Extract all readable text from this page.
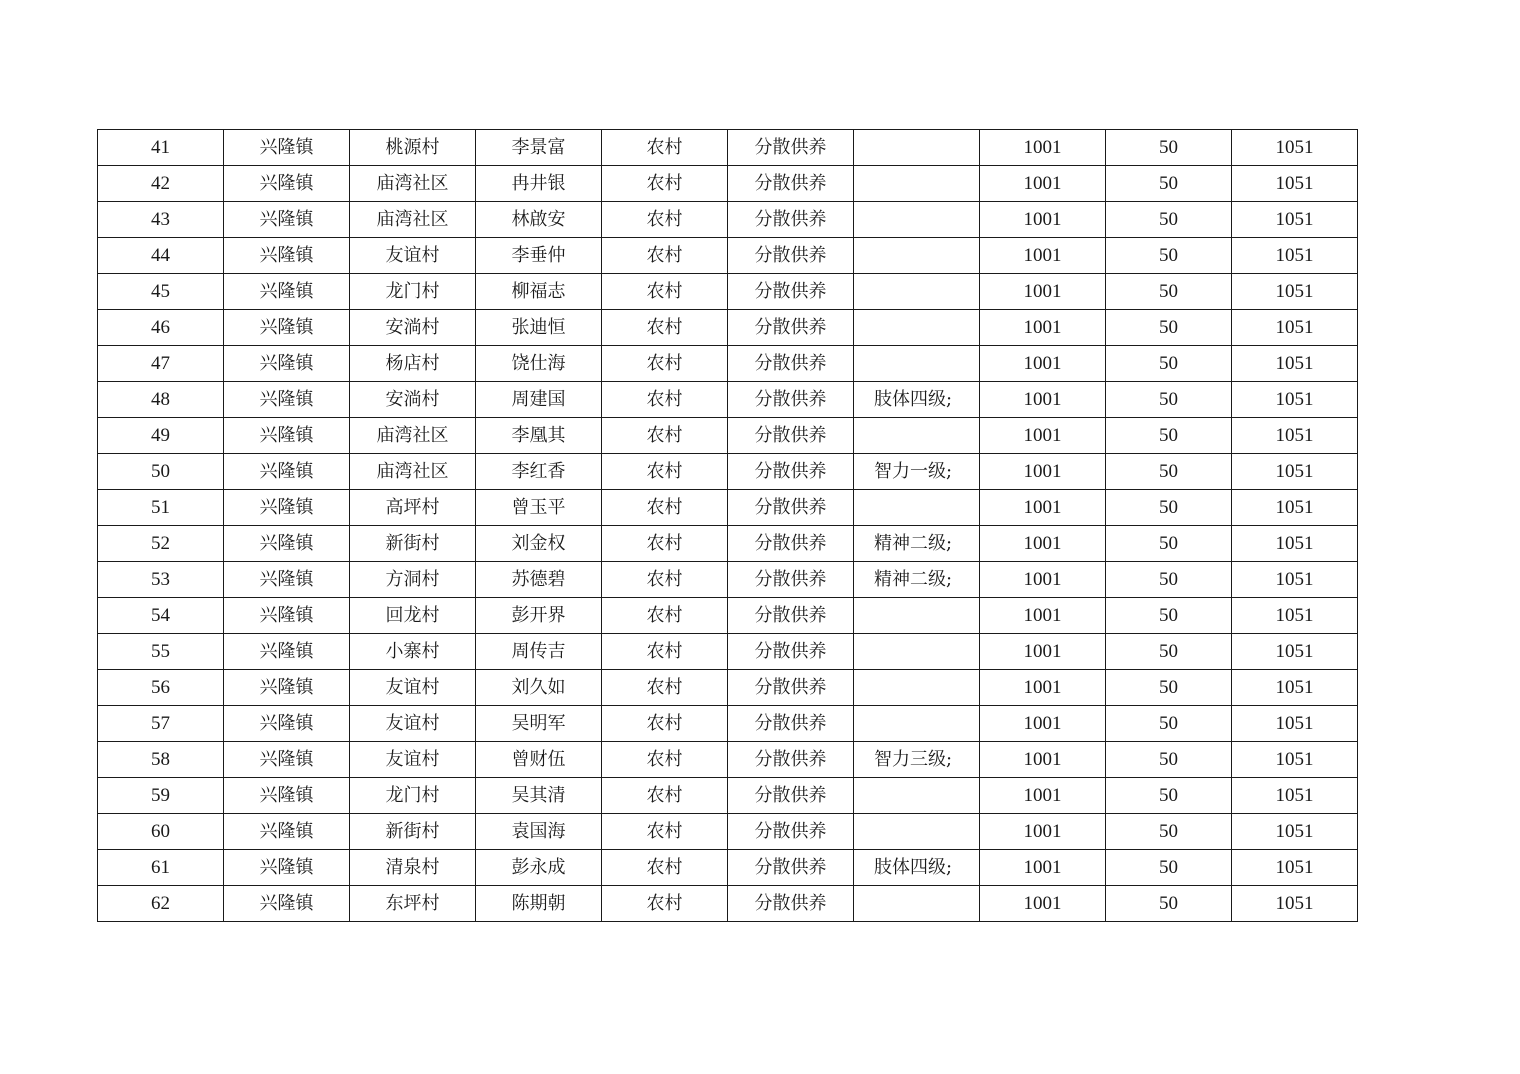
41	兴隆镇	桃源村	李景富	农村	分散供养		1001	50	1051
42	兴隆镇	庙湾社区	冉井银	农村	分散供养		1001	50	1051
43	兴隆镇	庙湾社区	林啟安	农村	分散供养		1001	50	1051
44	兴隆镇	友谊村	李垂仲	农村	分散供养		1001	50	1051
45	兴隆镇	龙门村	柳福志	农村	分散供养		1001	50	1051
46	兴隆镇	安淌村	张迪恒	农村	分散供养		1001	50	1051
47	兴隆镇	杨店村	饶仕海	农村	分散供养		1001	50	1051
48	兴隆镇	安淌村	周建国	农村	分散供养	肢体四级;	1001	50	1051
49	兴隆镇	庙湾社区	李凰其	农村	分散供养		1001	50	1051
50	兴隆镇	庙湾社区	李红香	农村	分散供养	智力一级;	1001	50	1051
51	兴隆镇	高坪村	曾玉平	农村	分散供养		1001	50	1051
52	兴隆镇	新街村	刘金权	农村	分散供养	精神二级;	1001	50	1051
53	兴隆镇	方洞村	苏德碧	农村	分散供养	精神二级;	1001	50	1051
54	兴隆镇	回龙村	彭开界	农村	分散供养		1001	50	1051
55	兴隆镇	小寨村	周传吉	农村	分散供养		1001	50	1051
56	兴隆镇	友谊村	刘久如	农村	分散供养		1001	50	1051
57	兴隆镇	友谊村	吴明军	农村	分散供养		1001	50	1051
58	兴隆镇	友谊村	曾财伍	农村	分散供养	智力三级;	1001	50	1051
59	兴隆镇	龙门村	吴其清	农村	分散供养		1001	50	1051
60	兴隆镇	新街村	袁国海	农村	分散供养		1001	50	1051
61	兴隆镇	清泉村	彭永成	农村	分散供养	肢体四级;	1001	50	1051
62	兴隆镇	东坪村	陈期朝	农村	分散供养		1001	50	1051
